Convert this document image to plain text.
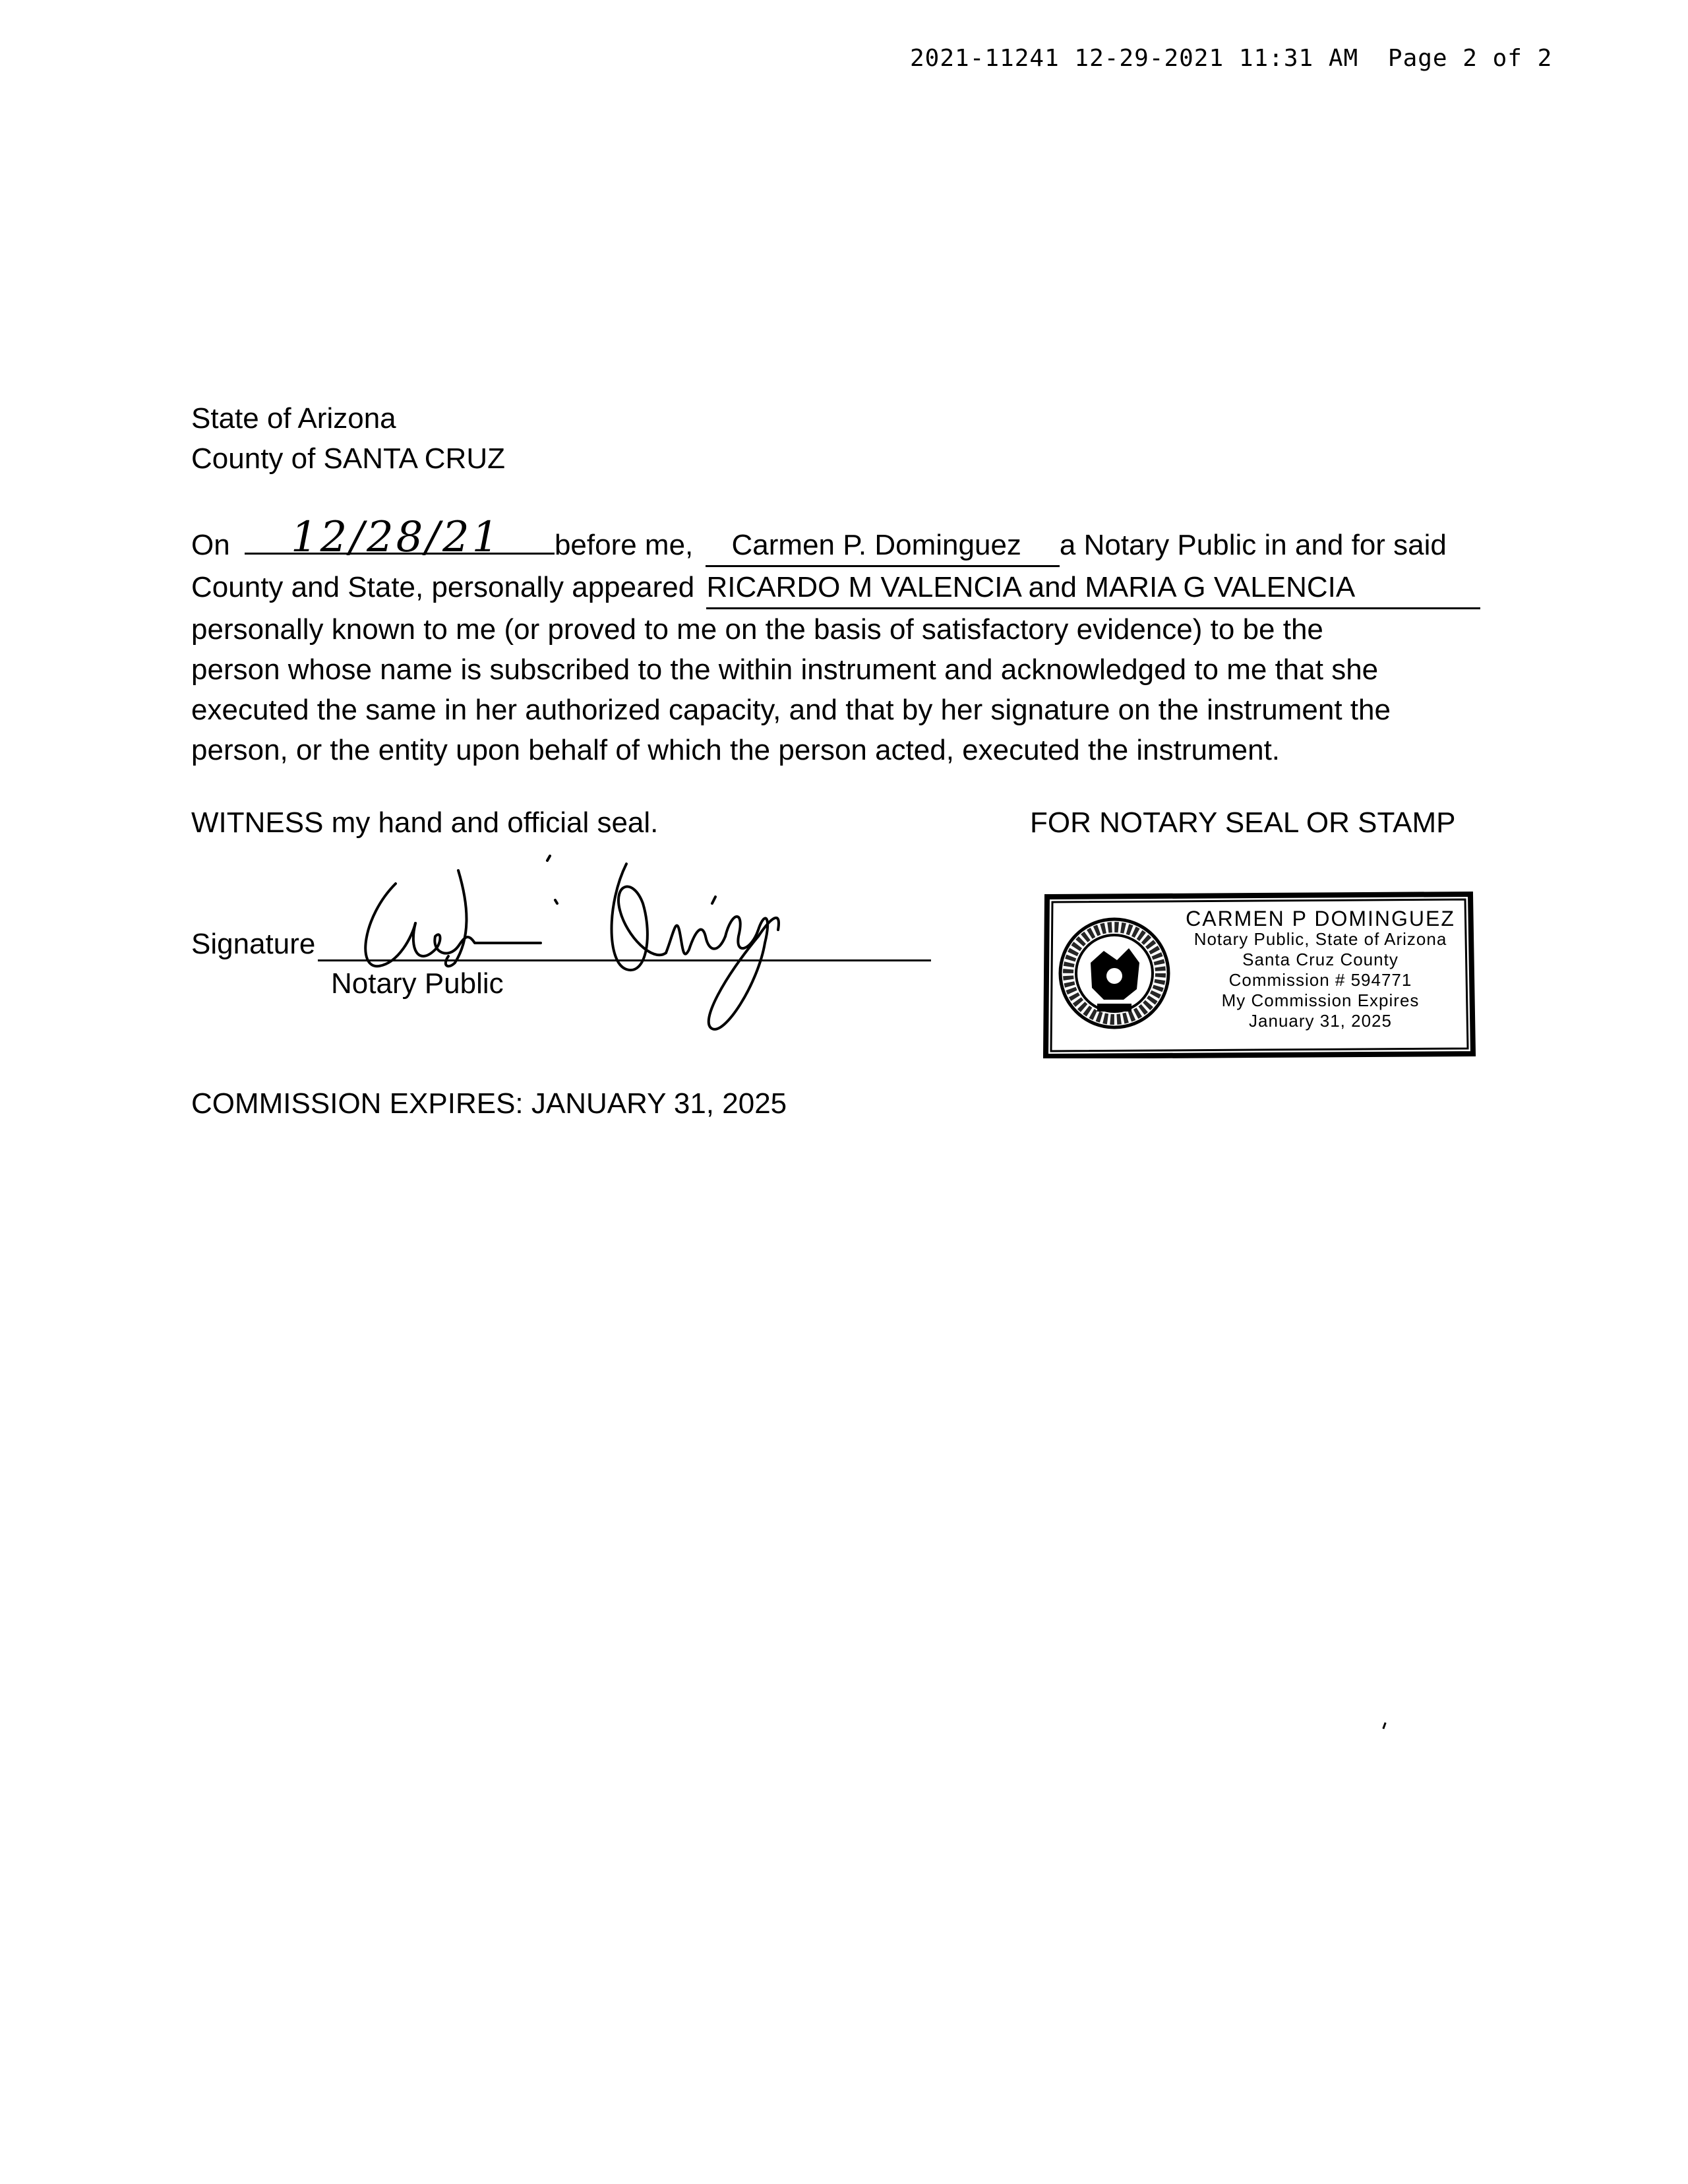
2021-11241 12-29-2021 11:31 AM Page 2 of 2
State of Arizona
County of SANTA CRUZ
On 12/28/21 before me, Carmen P. Dominguez a Notary Public in and for said
County and State, personally appeared RICARDO M VALENCIA and MARIA G VALENCIA
personally known to me (or proved to me on the basis of satisfactory evidence) to be the
person whose name is subscribed to the within instrument and acknowledged to me that she
executed the same in her authorized capacity, and that by her signature on the instrument the
person, or the entity upon behalf of which the person acted, executed the instrument.
WITNESS my hand and official seal.	FOR NOTARY SEAL OR STAMP
Signature
Notary Public
COMMISSION EXPIRES: JANUARY 31, 2025
CARMEN P DOMINGUEZ
Notary Public, State of Arizona
Santa Cruz County
Commission # 594771
My Commission Expires
January 31, 2025
